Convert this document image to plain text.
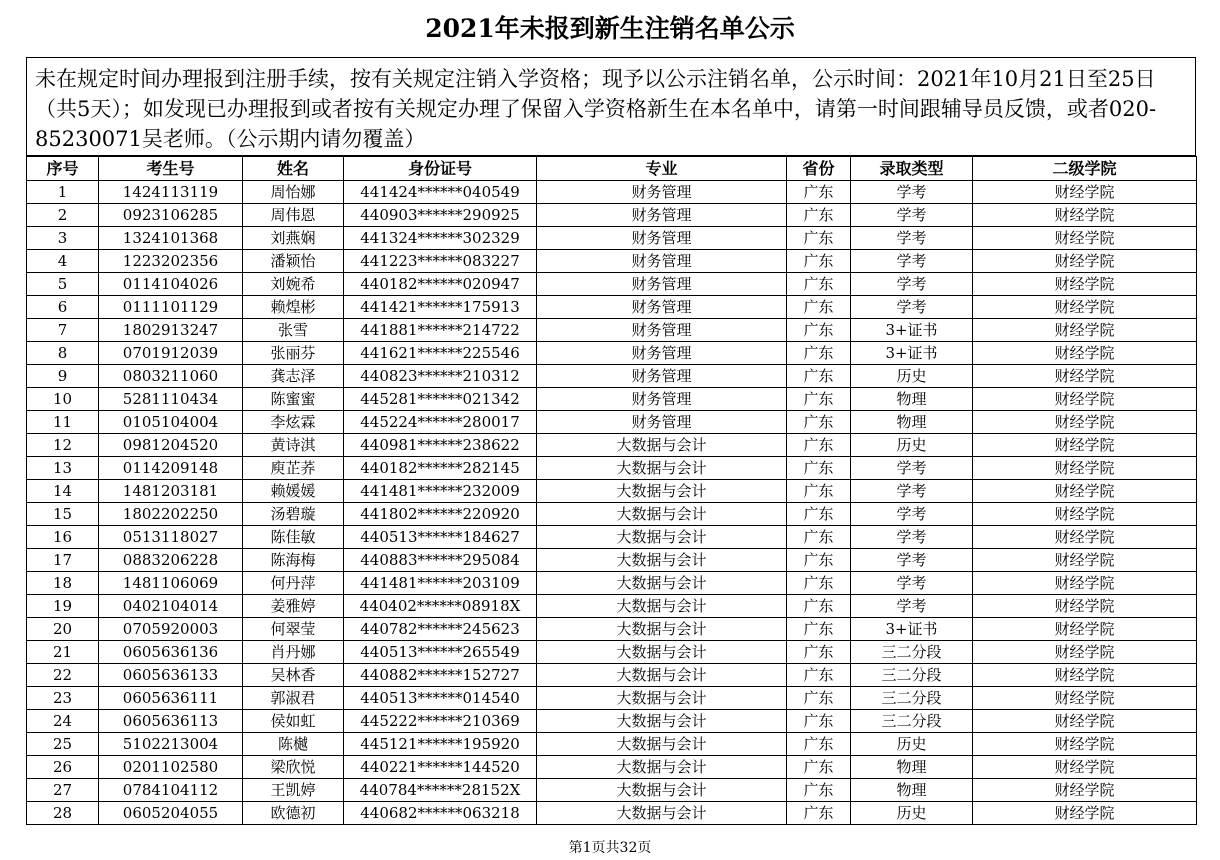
2021年未报到新生注销名单公示
未在规定时间办理报到注册手续，按有关规定注销入学资格；现予以公示注销名单，公示时间：2021年10月21日至25日（共5天）；如发现已办理报到或者按有关规定办理了保留入学资格新生在本名单中，请第一时间跟辅导员反馈，或者020-85230071吴老师。（公示期内请勿覆盖）
序号	考生号	姓名	身份证号	专业	省份	录取类型	二级学院
1	1424113119	周怡娜	441424******040549	财务管理	广东	学考	财经学院
2	0923106285	周伟恩	440903******290925	财务管理	广东	学考	财经学院
3	1324101368	刘燕娴	441324******302329	财务管理	广东	学考	财经学院
4	1223202356	潘颖怡	441223******083227	财务管理	广东	学考	财经学院
5	0114104026	刘婉希	440182******020947	财务管理	广东	学考	财经学院
6	0111101129	赖煌彬	441421******175913	财务管理	广东	学考	财经学院
7	1802913247	张雪	441881******214722	财务管理	广东	3+证书	财经学院
8	0701912039	张丽芬	441621******225546	财务管理	广东	3+证书	财经学院
9	0803211060	龚志泽	440823******210312	财务管理	广东	历史	财经学院
10	5281110434	陈蜜蜜	445281******021342	财务管理	广东	物理	财经学院
11	0105104004	李炫霖	445224******280017	财务管理	广东	物理	财经学院
12	0981204520	黄诗淇	440981******238622	大数据与会计	广东	历史	财经学院
13	0114209148	庾芷荞	440182******282145	大数据与会计	广东	学考	财经学院
14	1481203181	赖媛媛	441481******232009	大数据与会计	广东	学考	财经学院
15	1802202250	汤碧璇	441802******220920	大数据与会计	广东	学考	财经学院
16	0513118027	陈佳敏	440513******184627	大数据与会计	广东	学考	财经学院
17	0883206228	陈海梅	440883******295084	大数据与会计	广东	学考	财经学院
18	1481106069	何丹萍	441481******203109	大数据与会计	广东	学考	财经学院
19	0402104014	姜雅婷	440402******08918X	大数据与会计	广东	学考	财经学院
20	0705920003	何翠莹	440782******245623	大数据与会计	广东	3+证书	财经学院
21	0605636136	肖丹娜	440513******265549	大数据与会计	广东	三二分段	财经学院
22	0605636133	吴林香	440882******152727	大数据与会计	广东	三二分段	财经学院
23	0605636111	郭淑君	440513******014540	大数据与会计	广东	三二分段	财经学院
24	0605636113	侯如虹	445222******210369	大数据与会计	广东	三二分段	财经学院
25	5102213004	陈樾	445121******195920	大数据与会计	广东	历史	财经学院
26	0201102580	梁欣悦	440221******144520	大数据与会计	广东	物理	财经学院
27	0784104112	王凯婷	440784******28152X	大数据与会计	广东	物理	财经学院
28	0605204055	欧德初	440682******063218	大数据与会计	广东	历史	财经学院
第1页共32页
